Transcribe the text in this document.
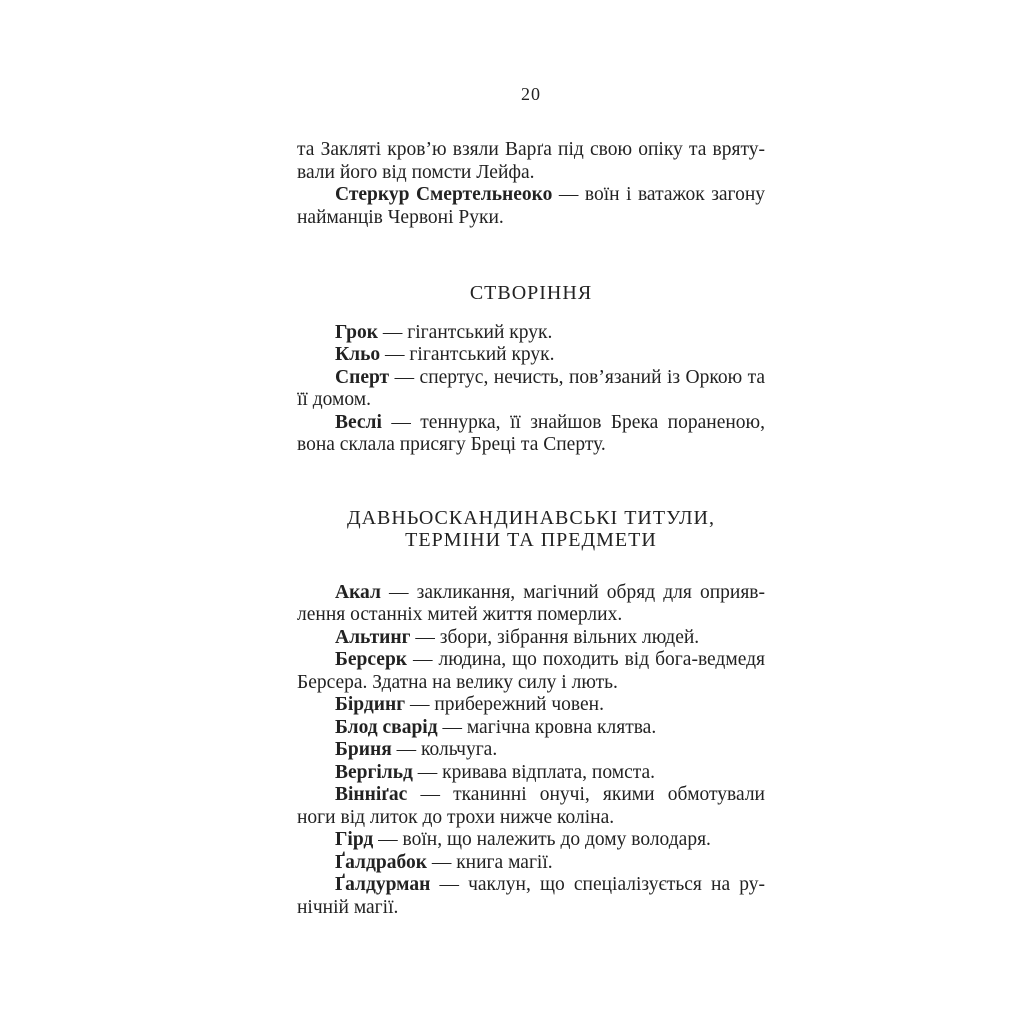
20

та Закляті кров’ю взяли Варґа під свою опіку та врятували його від помсти Лейфа.

Стеркур Смертельнеоко — воїн і ватажок загону найманців Червоні Руки.

СТВОРІННЯ

Грок — гігантський крук.

Кльо — гігантський крук.

Сперт — спертус, нечисть, пов’язаний із Оркою та її домом.

Веслі — теннурка, її знайшов Брека пораненою, вона склала присягу Бреці та Сперту.

ДАВНЬОСКАНДИНАВСЬКІ ТИТУЛИ,
ТЕРМІНИ ТА ПРЕДМЕТИ

Акал — закликання, магічний обряд для оприявлення останніх митей життя померлих.

Альтинг — збори, зібрання вільних людей.

Берсерк — людина, що походить від бога-ведмедя Берсера. Здатна на велику силу і лють.

Бірдинг — прибережний човен.

Блод сварід — магічна кровна клятва.

Бриня — кольчуга.

Вергільд — кривава відплата, помста.

Вінніґас — тканинні онучі, якими обмотували ноги від литок до трохи нижче коліна.

Гірд — воїн, що належить до дому володаря.

Ґалдрабок — книга магії.

Ґалдурман — чаклун, що спеціалізується на рунічній магії.
